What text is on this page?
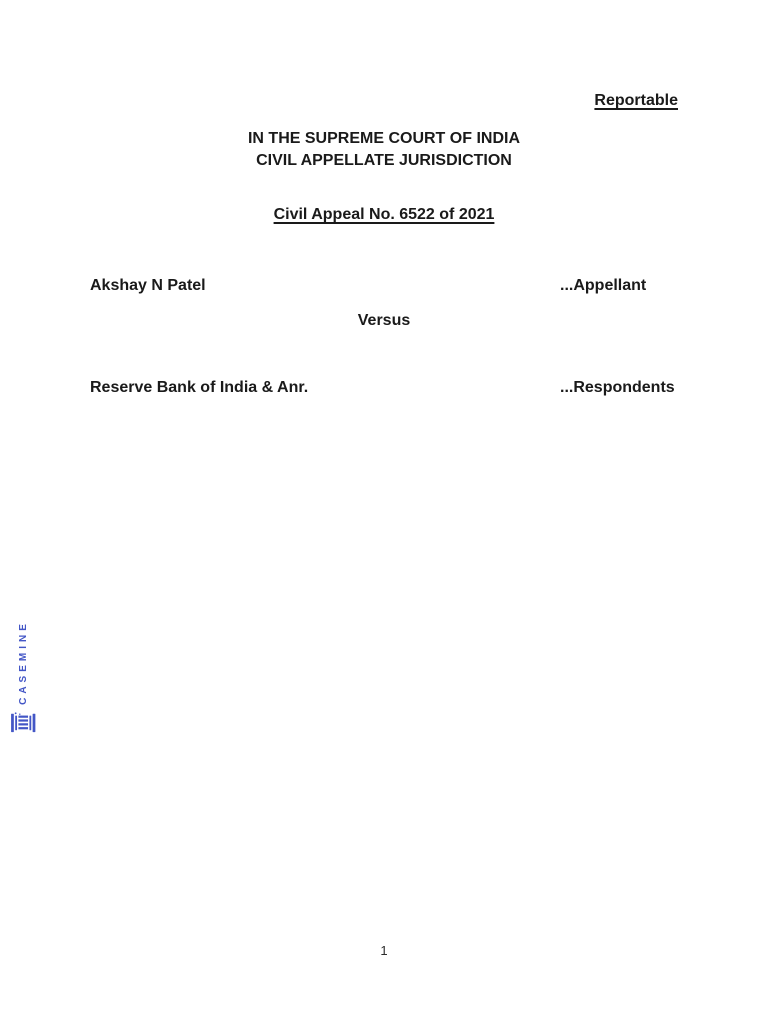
Reportable
IN THE SUPREME COURT OF INDIA
CIVIL APPELLATE JURISDICTION
Civil Appeal No. 6522 of 2021
Akshay N Patel	...Appellant
Versus
Reserve Bank of India & Anr.	...Respondents
CASEMINE
1
